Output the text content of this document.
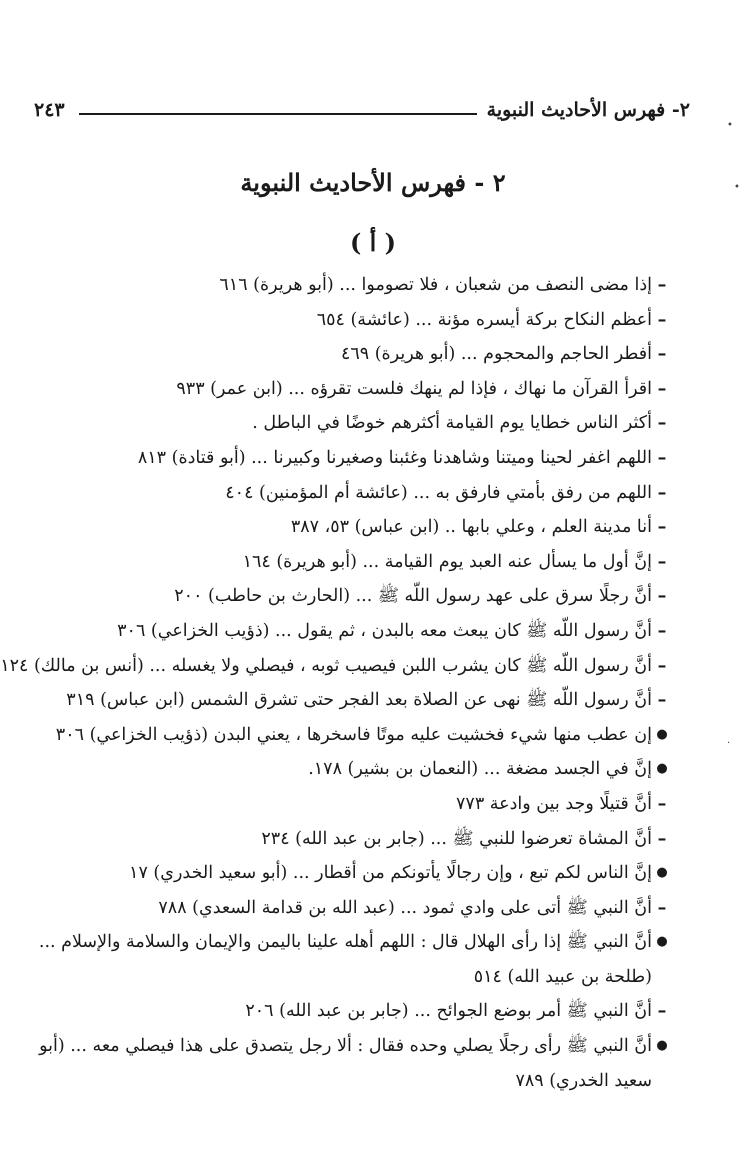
٢- فهرس الأحاديث النبوية
٢٤٣
٢ - فهرس الأحاديث النبوية
( أ )
–
إذا مضى النصف من شعبان ، فلا تصوموا ... (أبو هريرة) ٦١٦
–
أعظم النكاح بركة أيسره مؤنة ... (عائشة) ٦٥٤
–
أفطر الحاجم والمحجوم ... (أبو هريرة) ٤٦٩
–
اقرأ القرآن ما نهاك ، فإذا لم ينهك فلست تقرؤه ... (ابن عمر) ٩٣٣
–
أكثر الناس خطايا يوم القيامة أكثرهم خوضًا في الباطل .
–
اللهم اغفر لحينا وميتنا وشاهدنا وغئبنا وصغيرنا وكبيرنا ... (أبو قتادة) ٨١٣
–
اللهم من رفق بأمتي فارفق به ... (عائشة أم المؤمنين) ٤٠٤
–
أنا مدينة العلم ، وعلي بابها .. (ابن عباس) ٥٣، ٣٨٧
–
إنَّ أول ما يسأل عنه العبد يوم القيامة ... (أبو هريرة) ١٦٤
–
أنَّ رجلًا سرق على عهد رسول اللّه ﷺ ... (الحارث بن حاطب) ٢٠٠
–
أنَّ رسول اللّه ﷺ كان يبعث معه بالبدن ، ثم يقول ... (ذؤيب الخزاعي) ٣٠٦
–
أنَّ رسول اللّه ﷺ كان يشرب اللبن فيصيب ثوبه ، فيصلي ولا يغسله ... (أنس بن مالك) ١٢٤
–
أنَّ رسول اللّه ﷺ نهى عن الصلاة بعد الفجر حتى تشرق الشمس (ابن عباس) ٣١٩
●
إن عطب منها شيء فخشيت عليه موتًا فاسخرها ، يعني البدن (ذؤيب الخزاعي) ٣٠٦
●
إنَّ في الجسد مضغة ... (النعمان بن بشير) ١٧٨.
–
أنَّ قتيلًا وجد بين وادعة ٧٧٣
–
أنَّ المشاة تعرضوا للنبي ﷺ ... (جابر بن عبد الله) ٢٣٤
●
إنَّ الناس لكم تبع ، وإن رجالًا يأتونكم من أقطار ... (أبو سعيد الخدري) ١٧
–
أنَّ النبي ﷺ أتى على وادي ثمود ... (عبد الله بن قدامة السعدي) ٧٨٨
●
أنَّ النبي ﷺ إذا رأى الهلال قال : اللهم أهله علينا باليمن والإيمان والسلامة والإسلام ... (طلحة بن عبيد الله) ٥١٤
–
أنَّ النبي ﷺ أمر بوضع الجوائح ... (جابر بن عبد الله) ٢٠٦
●
أنَّ النبي ﷺ رأى رجلًا يصلي وحده فقال : ألا رجل يتصدق على هذا فيصلي معه ... (أبو سعيد الخدري) ٧٨٩
•
•
·
